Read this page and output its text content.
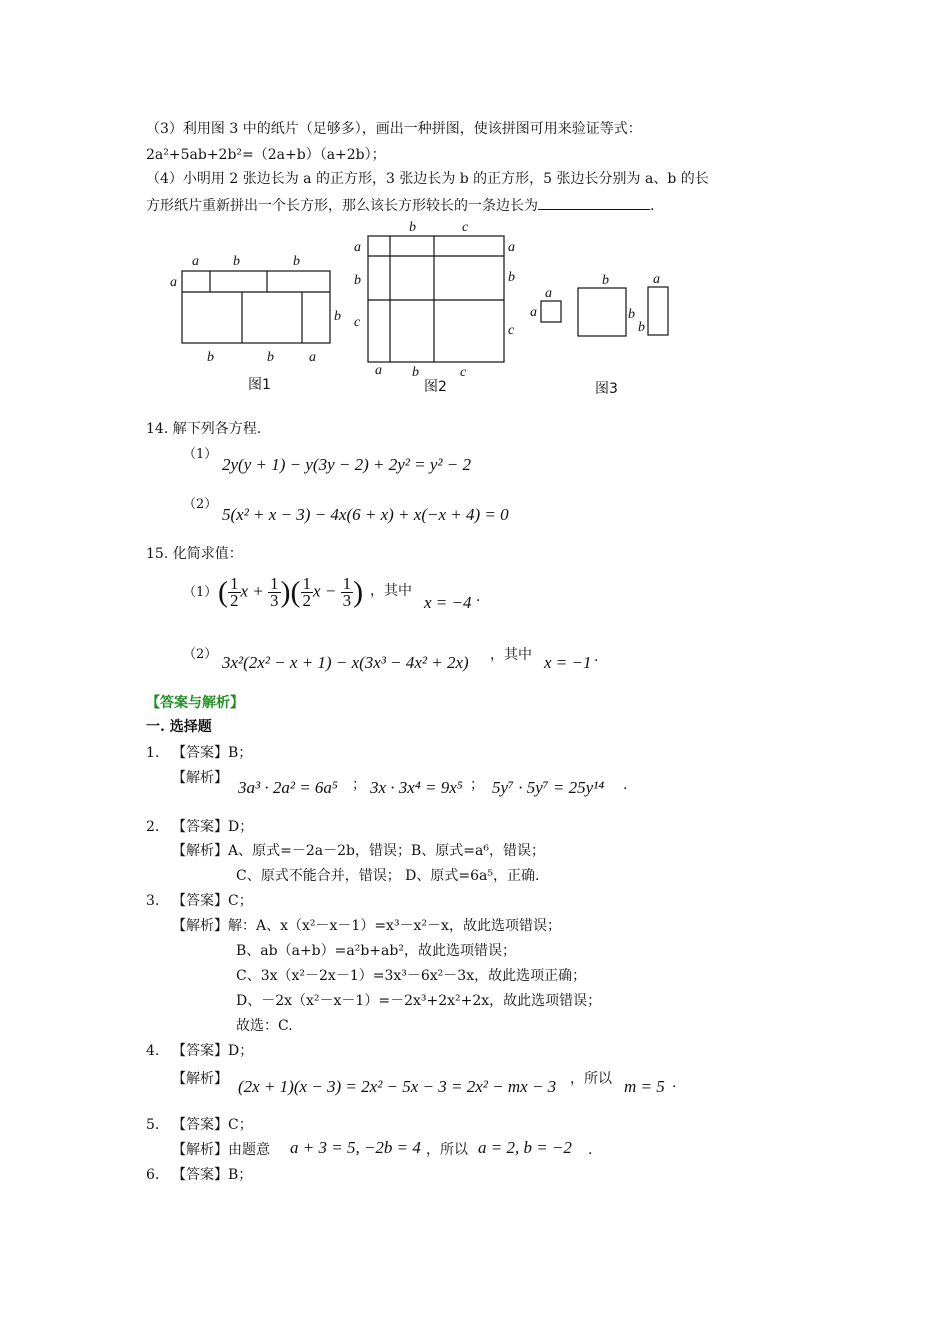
（3）利用图 3 中的纸片（足够多），画出一种拼图，使该拼图可用来验证等式：
2a²+5ab+2b²=（2a+b）（a+2b）；
（4）小明用 2 张边长为 a 的正方形，3 张边长为 b 的正方形，5 张边长分别为 a、b 的长
方形纸片重新拼出一个长方形，那么该长方形较长的一条边长为	.
a b	b
a
b
b	b	a
图1
b	c
a
b
c
a
b
c
a b	c
图2
a
a
b
b
a
b
图3
14. 解下列各方程.
（1）
2y(y + 1) − y(3y − 2) + 2y² = y² − 2
（2）
5(x² + x − 3) − 4x(6 + x) + x(−x + 4) = 0
15. 化简求值：
（1） ( $\frac{1}{2}$ $x + \frac{1}{3}$ )( $\frac{1}{2}$ $x - \frac{1}{3}$ ) ，其中
x = −4 ·
（2） 3x²(2x² − x + 1) − x(3x³ − 4x² + 2x) ，其中 x = −1 ·
【答案与解析】
一. 选择题
1. 【答案】B；
【解析】 3a³ · 2a² = 6a⁵ ； 3x · 3x⁴ = 9x⁵ ； 5y⁷ · 5y⁷ = 25y¹⁴ .
2. 【答案】D；
【解析】A、原式=－2a－2b，错误；B、原式=a⁶，错误；
C、原式不能合并，错误； D、原式=6a⁵，正确.
3. 【答案】C；
【解析】解：A、x（x²－x－1）=x³－x²－x，故此选项错误；
B、ab（a+b）=a²b+ab²，故此选项错误；
C、3x（x²－2x－1）=3x³－6x²－3x，故此选项正确；
D、－2x（x²－x－1）=－2x³+2x²+2x，故此选项错误；
故选：C.
4. 【答案】D；
【解析】 (2x + 1)(x − 3) = 2x² − 5x − 3 = 2x² − mx − 3 ，所以 m = 5 .
5. 【答案】C；
【解析】由题意 a + 3 = 5, −2b = 4 ，所以 a = 2, b = −2 .
6. 【答案】B；
